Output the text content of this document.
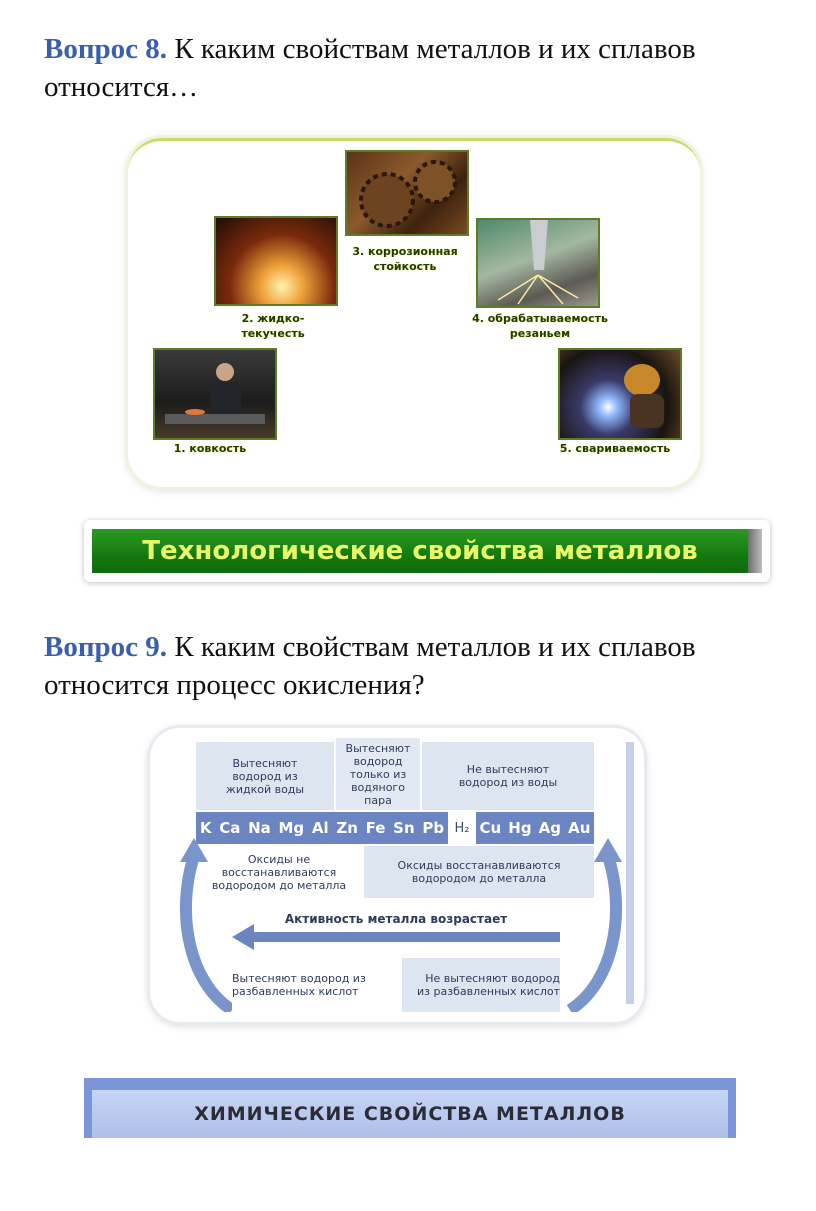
Вопрос 8. К каким свойствам металлов и их сплавов относится…
3. коррозионная
стойкость
2. жидко-
текучесть
4. обрабатываемость
резаньем
1. ковкость	5. свариваемость
Технологические свойства металлов
Вопрос 9. К каким свойствам металлов и их сплавов относится процесс окисления?
Вытесняют водород из жидкой воды
Вытесняют водород только из водяного пара
Не вытесняют водород из воды
K Ca Na Mg Al Zn Fe Sn Pb H₂ Cu Hg Ag Au
Оксиды не восстанавливаются водородом до металла
Оксиды восстанавливаются водородом до металла
Активность металла возрастает
Вытесняют водород из разбавленных кислот
Не вытесняют водород из разбавленных кислот
ХИМИЧЕСКИЕ СВОЙСТВА МЕТАЛЛОВ
